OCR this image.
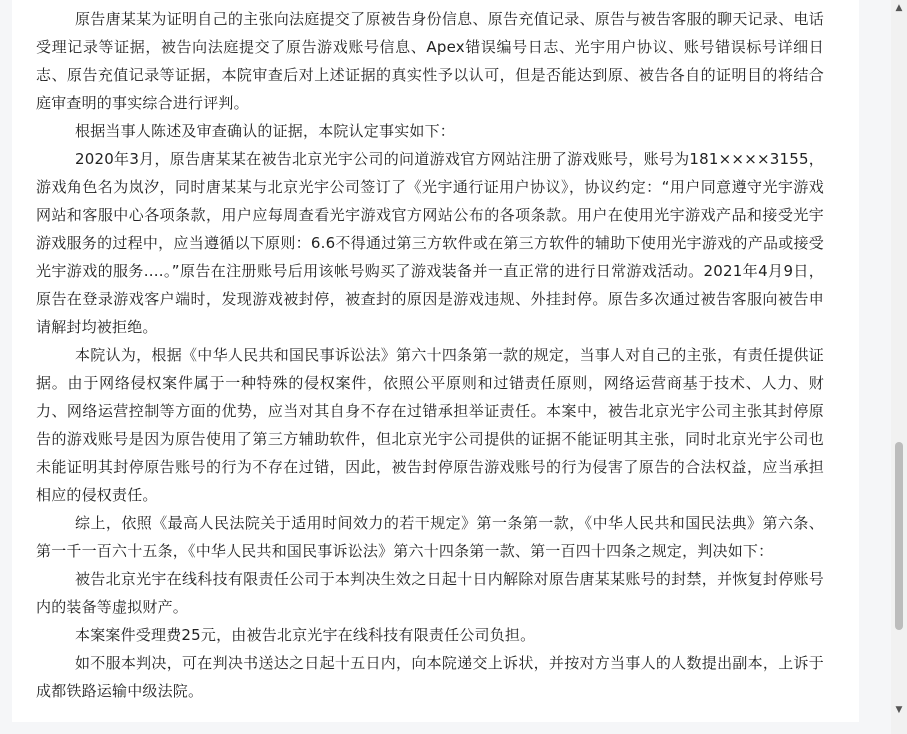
原告唐某某为证明自己的主张向法庭提交了原被告身份信息、原告充值记录、原告与被告客服的聊天记录、电话受理记录等证据，被告向法庭提交了原告游戏账号信息、Apex错误编号日志、光宇用户协议、账号错误标号详细日志、原告充值记录等证据，本院审查后对上述证据的真实性予以认可，但是否能达到原、被告各自的证明目的将结合庭审查明的事实综合进行评判。

根据当事人陈述及审查确认的证据，本院认定事实如下：

2020年3月，原告唐某某在被告北京光宇公司的问道游戏官方网站注册了游戏账号，账号为181××××3155，游戏角色名为岚汐，同时唐某某与北京光宇公司签订了《光宇通行证用户协议》，协议约定：“用户同意遵守光宇游戏网站和客服中心各项条款，用户应每周查看光宇游戏官方网站公布的各项条款。用户在使用光宇游戏产品和接受光宇游戏服务的过程中，应当遵循以下原则：6.6不得通过第三方软件或在第三方软件的辅助下使用光宇游戏的产品或接受光宇游戏的服务....。”原告在注册账号后用该帐号购买了游戏装备并一直正常的进行日常游戏活动。2021年4月9日，原告在登录游戏客户端时，发现游戏被封停，被查封的原因是游戏违规、外挂封停。原告多次通过被告客服向被告申请解封均被拒绝。

本院认为，根据《中华人民共和国民事诉讼法》第六十四条第一款的规定，当事人对自己的主张，有责任提供证据。由于网络侵权案件属于一种特殊的侵权案件，依照公平原则和过错责任原则，网络运营商基于技术、人力、财力、网络运营控制等方面的优势，应当对其自身不存在过错承担举证责任。本案中，被告北京光宇公司主张其封停原告的游戏账号是因为原告使用了第三方辅助软件，但北京光宇公司提供的证据不能证明其主张，同时北京光宇公司也未能证明其封停原告账号的行为不存在过错，因此，被告封停原告游戏账号的行为侵害了原告的合法权益，应当承担相应的侵权责任。

综上，依照《最高人民法院关于适用时间效力的若干规定》第一条第一款，《中华人民共和国民法典》第六条、第一千一百六十五条，《中华人民共和国民事诉讼法》第六十四条第一款、第一百四十四条之规定，判决如下：

被告北京光宇在线科技有限责任公司于本判决生效之日起十日内解除对原告唐某某账号的封禁，并恢复封停账号内的装备等虚拟财产。

本案案件受理费25元，由被告北京光宇在线科技有限责任公司负担。

如不服本判决，可在判决书送达之日起十五日内，向本院递交上诉状，并按对方当事人的人数提出副本，上诉于成都铁路运输中级法院。

▲
▼
